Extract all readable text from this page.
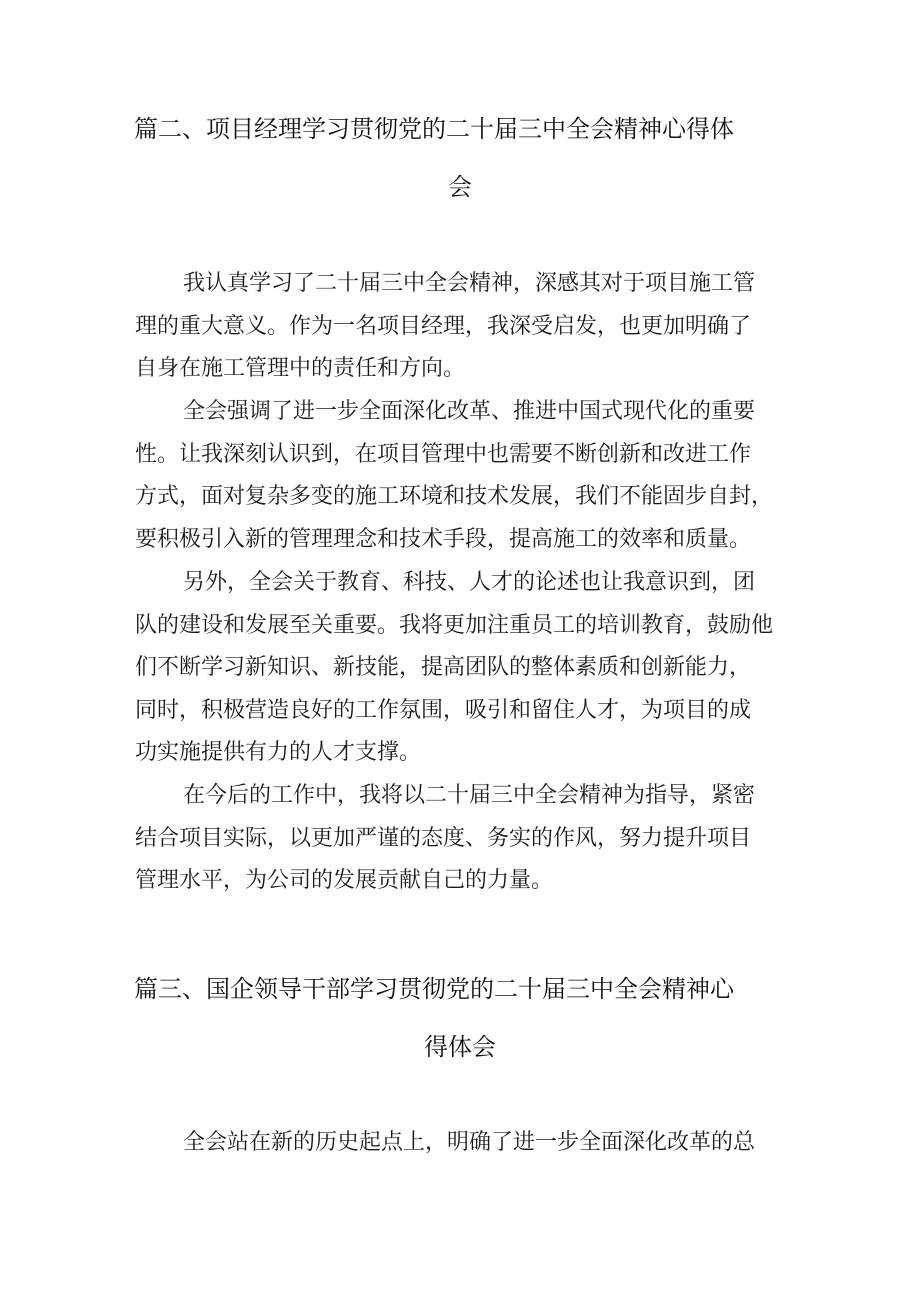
篇二、项目经理学习贯彻党的二十届三中全会精神心得体
会
我认真学习了二十届三中全会精神，深感其对于项目施工管
理的重大意义。作为一名项目经理，我深受启发，也更加明确了
自身在施工管理中的责任和方向。
全会强调了进一步全面深化改革、推进中国式现代化的重要
性。让我深刻认识到，在项目管理中也需要不断创新和改进工作
方式，面对复杂多变的施工环境和技术发展，我们不能固步自封，
要积极引入新的管理理念和技术手段，提高施工的效率和质量。
另外，全会关于教育、科技、人才的论述也让我意识到，团
队的建设和发展至关重要。我将更加注重员工的培训教育，鼓励他
们不断学习新知识、新技能，提高团队的整体素质和创新能力，
同时，积极营造良好的工作氛围，吸引和留住人才，为项目的成
功实施提供有力的人才支撑。
在今后的工作中，我将以二十届三中全会精神为指导，紧密
结合项目实际，以更加严谨的态度、务实的作风，努力提升项目
管理水平，为公司的发展贡献自己的力量。
篇三、国企领导干部学习贯彻党的二十届三中全会精神心
得体会
全会站在新的历史起点上，明确了进一步全面深化改革的总
